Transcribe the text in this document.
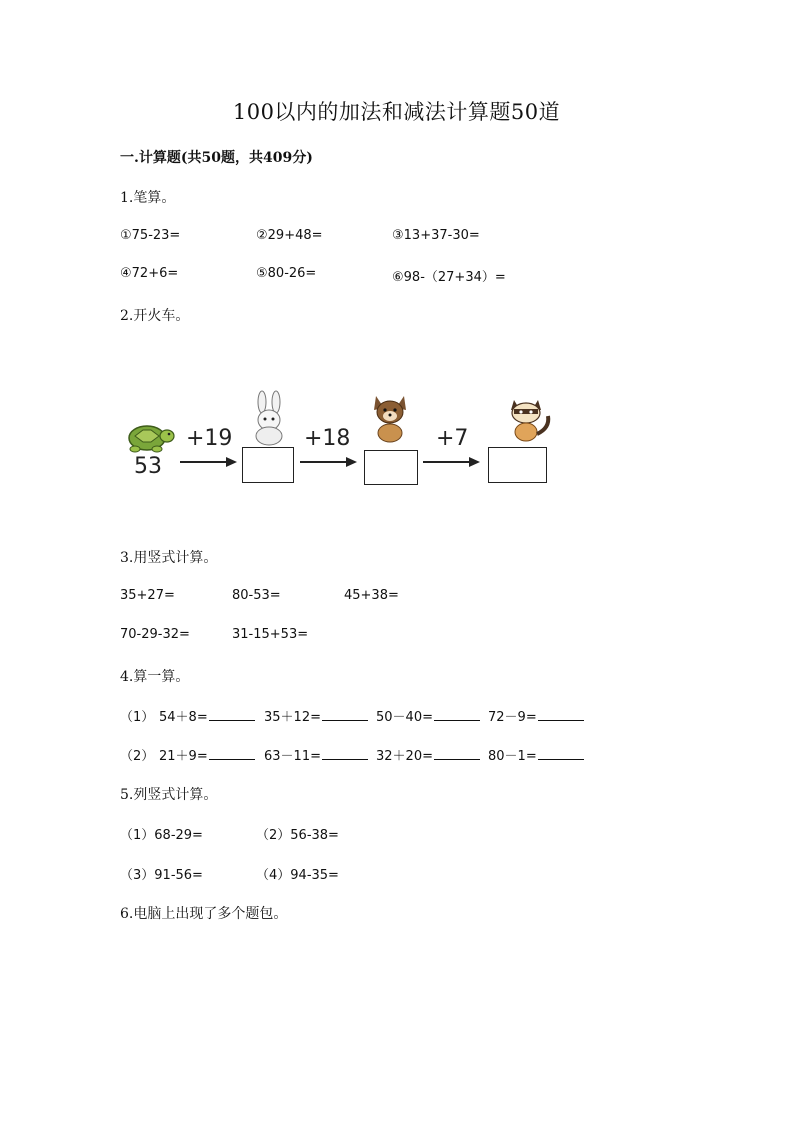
100以内的加法和减法计算题50道
一.计算题(共50题，共409分)
1.笔算。
①75-23=	②29+48=	③13+37-30=
④72+6=	⑤80-26=	⑥98-（27+34）=
2.开火车。
53
+19	+18	+7
3.用竖式计算。
35+27=	80-53=	45+38=
70-29-32=	31-15+53=
4.算一算。
（1） 54＋8=	35＋12=	50－40=	72－9=
（2） 21＋9=	63－11=	32＋20=	80－1=
5.列竖式计算。
（1）68-29=	（2）56-38=
（3）91-56=	（4）94-35=
6.电脑上出现了多个题包。
